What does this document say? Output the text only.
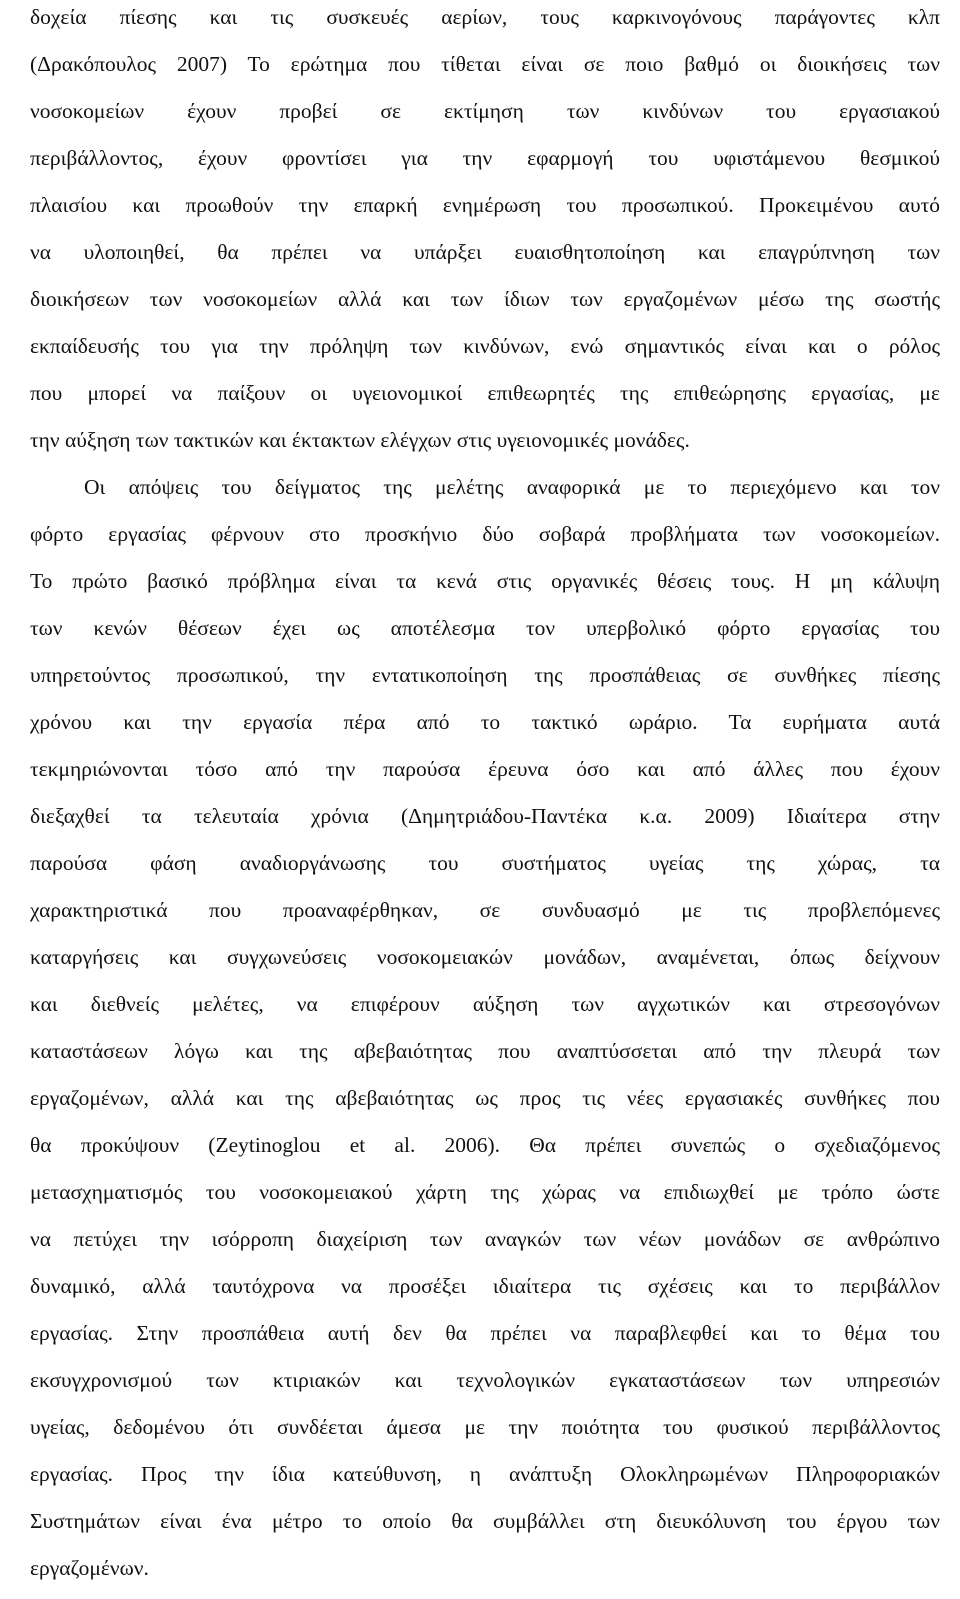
δοχεία πίεσης και τις συσκευές αερίων, τους καρκινογόνους παράγοντες κλπ
(Δρακόπουλος 2007) Το ερώτημα που τίθεται είναι σε ποιο βαθμό οι διοικήσεις των
νοσοκομείων έχουν προβεί σε εκτίμηση των κινδύνων του εργασιακού
περιβάλλοντος, έχουν φροντίσει για την εφαρμογή του υφιστάμενου θεσμικού
πλαισίου και προωθούν την επαρκή ενημέρωση του προσωπικού. Προκειμένου αυτό
να υλοποιηθεί, θα πρέπει να υπάρξει ευαισθητοποίηση και επαγρύπνηση των
διοικήσεων των νοσοκομείων αλλά και των ίδιων των εργαζομένων μέσω της σωστής
εκπαίδευσής του για την πρόληψη των κινδύνων, ενώ σημαντικός είναι και ο ρόλος
που μπορεί να παίξουν οι υγειονομικοί επιθεωρητές της επιθεώρησης εργασίας, με
την αύξηση των τακτικών και έκτακτων ελέγχων στις υγειονομικές μονάδες.
Οι απόψεις του δείγματος της μελέτης αναφορικά με το περιεχόμενο και τον
φόρτο εργασίας φέρνουν στο προσκήνιο δύο σοβαρά προβλήματα των νοσοκομείων.
Το πρώτο βασικό πρόβλημα είναι τα κενά στις οργανικές θέσεις τους. Η μη κάλυψη
των κενών θέσεων έχει ως αποτέλεσμα τον υπερβολικό φόρτο εργασίας του
υπηρετούντος προσωπικού, την εντατικοποίηση της προσπάθειας σε συνθήκες πίεσης
χρόνου και την εργασία πέρα από το τακτικό ωράριο. Τα ευρήματα αυτά
τεκμηριώνονται τόσο από την παρούσα έρευνα όσο και από άλλες που έχουν
διεξαχθεί τα τελευταία χρόνια (Δημητριάδου-Παντέκα κ.α. 2009) Ιδιαίτερα στην
παρούσα φάση αναδιοργάνωσης του συστήματος υγείας της χώρας, τα
χαρακτηριστικά που προαναφέρθηκαν, σε συνδυασμό με τις προβλεπόμενες
καταργήσεις και συγχωνεύσεις νοσοκομειακών μονάδων, αναμένεται, όπως δείχνουν
και διεθνείς μελέτες, να επιφέρουν αύξηση των αγχωτικών και στρεσογόνων
καταστάσεων λόγω και της αβεβαιότητας που αναπτύσσεται από την πλευρά των
εργαζομένων, αλλά και της αβεβαιότητας ως προς τις νέες εργασιακές συνθήκες που
θα προκύψουν (Zeytinoglou et al. 2006). Θα πρέπει συνεπώς ο σχεδιαζόμενος
μετασχηματισμός του νοσοκομειακού χάρτη της χώρας να επιδιωχθεί με τρόπο ώστε
να πετύχει την ισόρροπη διαχείριση των αναγκών των νέων μονάδων σε ανθρώπινο
δυναμικό, αλλά ταυτόχρονα να προσέξει ιδιαίτερα τις σχέσεις και το περιβάλλον
εργασίας. Στην προσπάθεια αυτή δεν θα πρέπει να παραβλεφθεί και το θέμα του
εκσυγχρονισμού των κτιριακών και τεχνολογικών εγκαταστάσεων των υπηρεσιών
υγείας, δεδομένου ότι συνδέεται άμεσα με την ποιότητα του φυσικού περιβάλλοντος
εργασίας. Προς την ίδια κατεύθυνση, η ανάπτυξη Ολοκληρωμένων Πληροφοριακών
Συστημάτων είναι ένα μέτρο το οποίο θα συμβάλλει στη διευκόλυνση του έργου των
εργαζομένων.
